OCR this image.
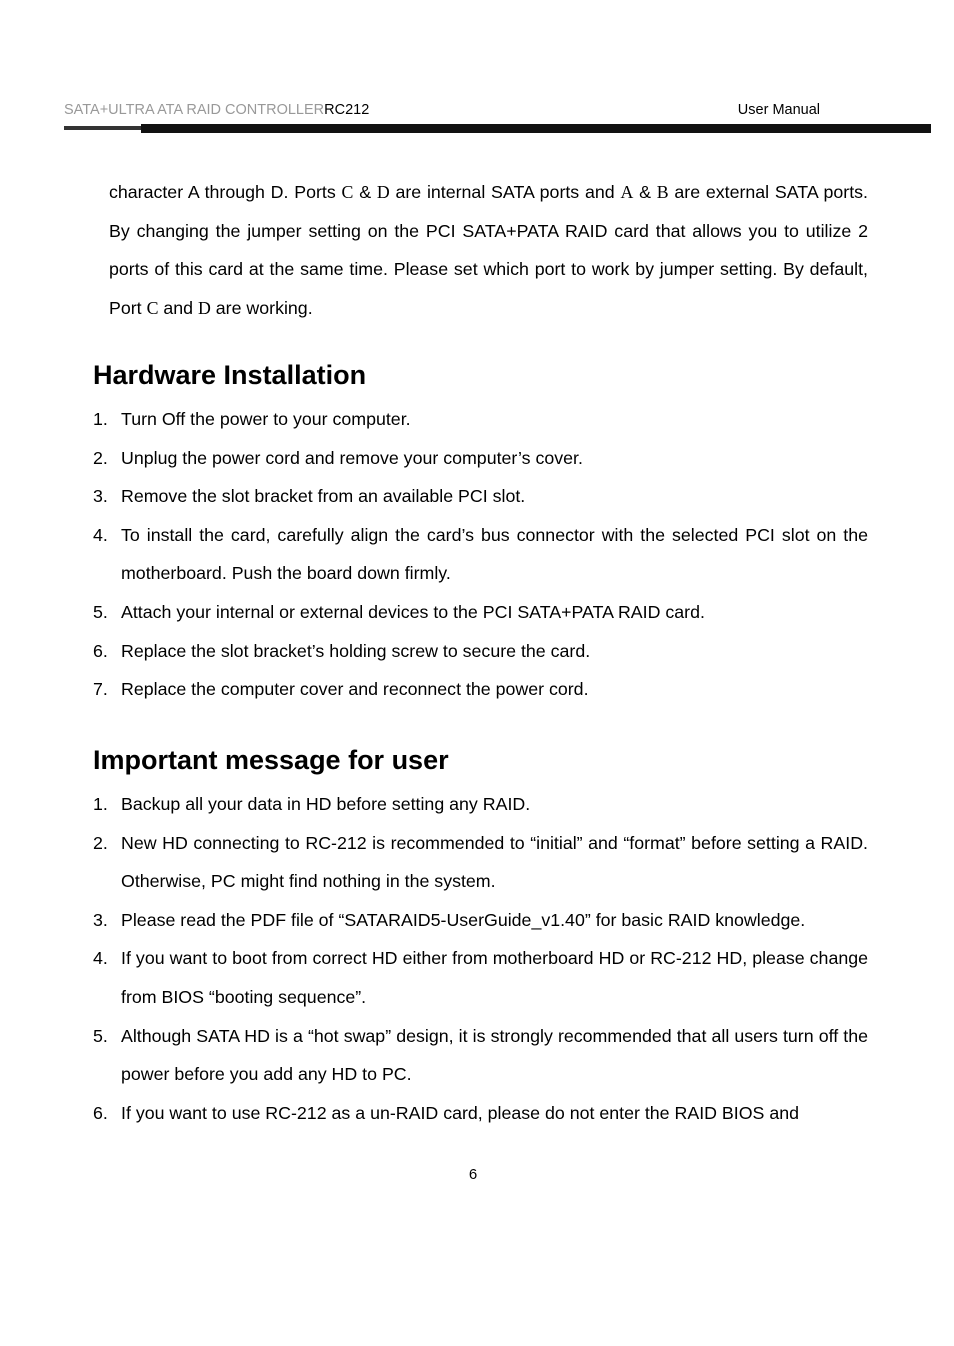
SATA+ULTRA ATA RAID CONTROLLERRC212	User Manual

character A through D. Ports C & D are internal SATA ports and A & B are external SATA ports. By changing the jumper setting on the PCI SATA+PATA RAID card that allows you to utilize 2 ports of this card at the same time. Please set which port to work by jumper setting. By default, Port C and D are working.

Hardware Installation
1. Turn Off the power to your computer.
2. Unplug the power cord and remove your computer’s cover.
3. Remove the slot bracket from an available PCI slot.
4. To install the card, carefully align the card’s bus connector with the selected PCI slot on the motherboard. Push the board down firmly.
5. Attach your internal or external devices to the PCI SATA+PATA RAID card.
6. Replace the slot bracket’s holding screw to secure the card.
7. Replace the computer cover and reconnect the power cord.
Important message for user
1. Backup all your data in HD before setting any RAID.
2. New HD connecting to RC-212 is recommended to “initial” and “format” before setting a RAID. Otherwise, PC might find nothing in the system.
3. Please read the PDF file of “SATARAID5-UserGuide_v1.40” for basic RAID knowledge.
4. If you want to boot from correct HD either from motherboard HD or RC-212 HD, please change from BIOS “booting sequence”.
5. Although SATA HD is a “hot swap” design, it is strongly recommended that all users turn off the power before you add any HD to PC.
6. If you want to use RC-212 as a un-RAID card, please do not enter the RAID BIOS and
6
